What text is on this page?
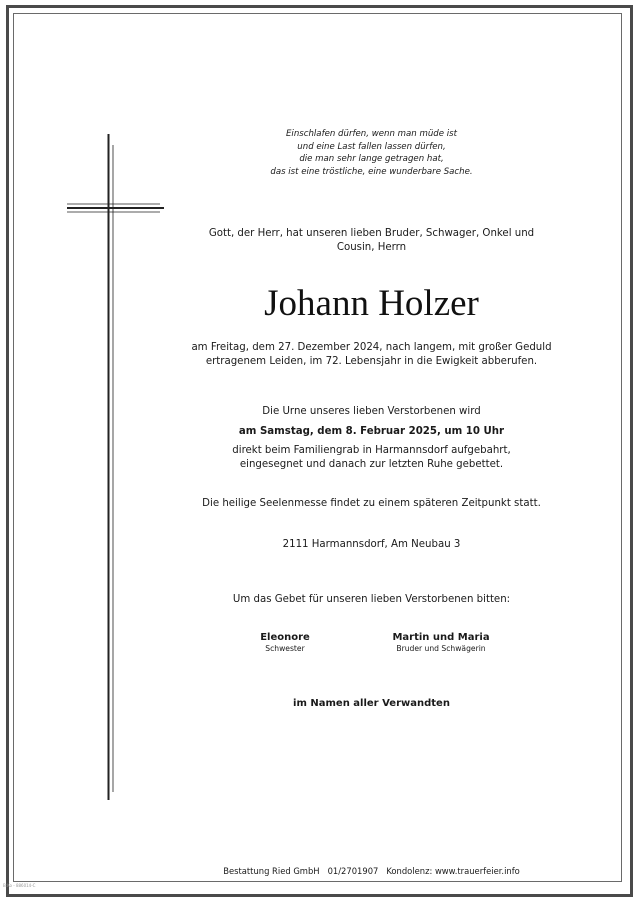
Einschlafen dürfen, wenn man müde ist

und eine Last fallen lassen dürfen,

die man sehr lange getragen hat,

das ist eine tröstliche, eine wunderbare Sache.

Gott, der Herr, hat unseren lieben Bruder, Schwager, Onkel und Cousin, Herrn
Johann Holzer
am Freitag, dem 27. Dezember 2024, nach langem, mit großer Geduld ertragenem Leiden, im 72. Lebensjahr in die Ewigkeit abberufen.

Die Urne unseres lieben Verstorbenen wird

am Samstag, dem 8. Februar 2025, um 10 Uhr

direkt beim Familiengrab in Harmannsdorf aufgebahrt,

eingesegnet und danach zur letzten Ruhe gebettet.

Die heilige Seelenmesse findet zu einem späteren Zeitpunkt statt.
2111 Harmannsdorf, Am Neubau 3
Um das Gebet für unseren lieben Verstorbenen bitten:
Eleonore
Schwester
Martin und Maria
Bruder und Schwägerin
im Namen aller Verwandten
Bestattung Ried GmbH   01/2701907   Kondolenz: www.trauerfeier.info
B:Ko - 886014-C
